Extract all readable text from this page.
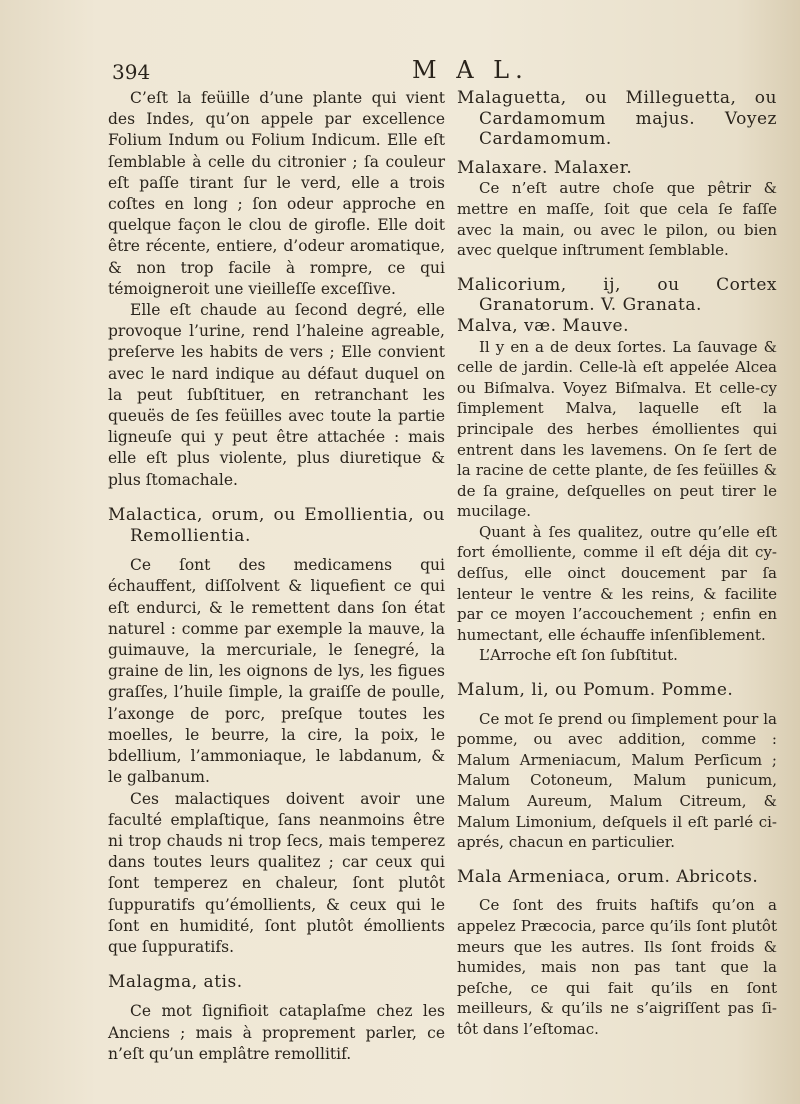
394	M A L.

C’eſt la feüille d’une plante qui vient des Indes, qu’on appele par excellence Folium Indum ou Folium Indicum. Elle eſt ſemblable à celle du citronier ; ſa couleur eſt paſſe tirant ſur le verd, elle a trois coſtes en long ; ſon odeur approche en quelque façon le clou de girofle. Elle doit être récente, entiere, d’odeur aromatique, & non trop facile à rompre, ce qui témoigneroit une vieilleſſe exceſſive.

Elle eſt chaude au ſecond degré, elle provoque l’urine, rend l’haleine agreable, preſerve les habits de vers ; Elle convient avec le nard indique au défaut duquel on la peut ſubſtituer, en retranchant les queuës de ſes feüilles avec toute la partie ligneuſe qui y peut être attachée : mais elle eſt plus violente, plus diuretique & plus ſtomachale.

Malactica, orum, ou Emollientia, ou Remollientia.

Ce ſont des medicamens qui échauffent, diſſolvent & liquefient ce qui eſt endurci, & le remettent dans ſon état naturel : comme par exemple la mauve, la guimauve, la mercuriale, le ſenegré, la graine de lin, les oignons de lys, les figues graſſes, l’huile ſimple, la graiſſe de poulle, l’axonge de porc, preſque toutes les moelles, le beurre, la cire, la poix, le bdellium, l’ammoniaque, le labdanum, & le galbanum.

Ces malactiques doivent avoir une faculté emplaſtique, ſans neanmoins être ni trop chauds ni trop ſecs, mais temperez dans toutes leurs qualitez ; car ceux qui ſont temperez en chaleur, ſont plutôt ſuppuratifs qu’émollients, & ceux qui le ſont en humidité, ſont plutôt émollients que ſuppuratifs.

Malagma, atis.

Ce mot ſignifioit cataplaſme chez les Anciens ; mais à proprement parler, ce n’eſt qu’un emplâtre remollitif.

Malaguetta, ou Milleguetta, ou Cardamomum majus. Voyez Cardamomum.

Malaxare. Malaxer.

Ce n’eſt autre choſe que pêtrir & mettre en maſſe, ſoit que cela ſe faſſe avec la main, ou avec le pilon, ou bien avec quelque inſtrument ſemblable.

Malicorium, ij, ou Cortex Granatorum. V. Granata.

Malva, væ. Mauve.

Il y en a de deux ſortes. La ſauvage & celle de jardin. Celle-là eſt appelée Alcea ou Biſmalva. Voyez Biſmalva. Et celle-cy ſimplement Malva, laquelle eſt la principale des herbes émollientes qui entrent dans les lavemens. On ſe ſert de la racine de cette plante, de ſes feüilles & de ſa graine, deſquelles on peut tirer le mucilage.

Quant à ſes qualitez, outre qu’elle eſt fort émolliente, comme il eſt déja dit cy-deſſus, elle oinct doucement par ſa lenteur le ventre & les reins, & facilite par ce moyen l’accouchement ; enfin en humectant, elle échauffe inſenſiblement.

L’Arroche eſt ſon ſubſtitut.

Malum, li, ou Pomum. Pomme.

Ce mot ſe prend ou ſimplement pour la pomme, ou avec addition, comme : Malum Armeniacum, Malum Perſicum ; Malum Cotoneum, Malum punicum, Malum Aureum, Malum Citreum, & Malum Limonium, deſquels il eſt parlé ci-aprés, chacun en particulier.

Mala Armeniaca, orum. Abricots.

Ce ſont des fruits haſtifs qu’on a appelez Præcocia, parce qu’ils ſont plutôt meurs que les autres. Ils ſont froids & humides, mais non pas tant que la peſche, ce qui fait qu’ils en ſont meilleurs, & qu’ils ne s’aigriſſent pas ſi-tôt dans l’eſtomac.
